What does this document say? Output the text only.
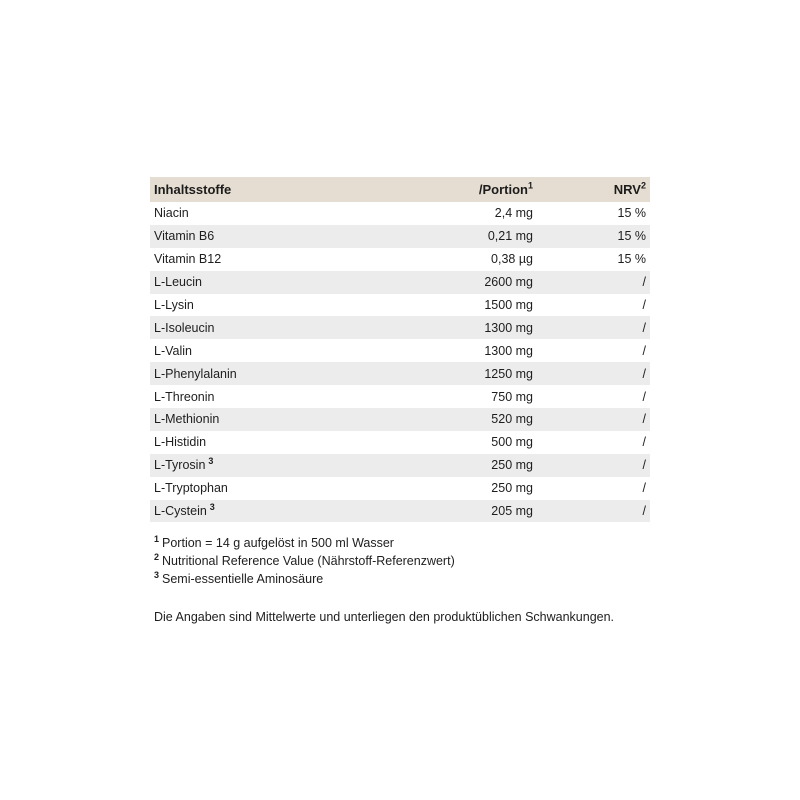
Inhaltsstoffe	/Portion$^1$	NRV$^2$
Niacin	2,4 mg	15 %
Vitamin B6	0,21 mg	15 %
Vitamin B12	0,38 µg	15 %
L-Leucin	2600 mg	/
L-Lysin	1500 mg	/
L-Isoleucin	1300 mg	/
L-Valin	1300 mg	/
L-Phenylalanin	1250 mg	/
L-Threonin	750 mg	/
L-Methionin	520 mg	/
L-Histidin	500 mg	/
L-Tyrosin $^3$	250 mg	/
L-Tryptophan	250 mg	/
L-Cystein $^3$	205 mg	/
$^1$ Portion = 14 g aufgelöst in 500 ml Wasser
$^2$ Nutritional Reference Value (Nährstoff-Referenzwert)
$^3$ Semi-essentielle Aminosäure
Die Angaben sind Mittelwerte und unterliegen den produktüblichen Schwankungen.
